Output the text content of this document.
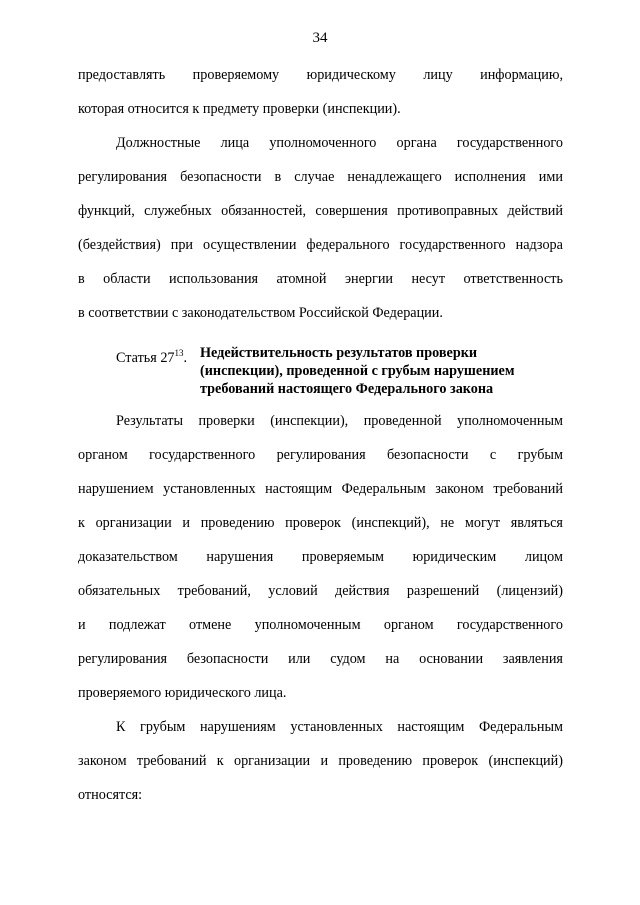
34
предоставлять проверяемому юридическому лицу информацию,
которая относится к предмету проверки (инспекции).
Должностные лица уполномоченного органа государственного
регулирования безопасности в случае ненадлежащего исполнения ими
функций, служебных обязанностей, совершения противоправных действий
(бездействия) при осуществлении федерального государственного надзора
в области использования атомной энергии несут ответственность
в соответствии с законодательством Российской Федерации.
Статья $27^{13}$. Недействительность результатов проверки
(инспекции), проведенной с грубым нарушением
требований настоящего Федерального закона
Результаты проверки (инспекции), проведенной уполномоченным
органом государственного регулирования безопасности с грубым
нарушением установленных настоящим Федеральным законом требований
к организации и проведению проверок (инспекций), не могут являться
доказательством нарушения проверяемым юридическим лицом
обязательных требований, условий действия разрешений (лицензий)
и подлежат отмене уполномоченным органом государственного
регулирования безопасности или судом на основании заявления
проверяемого юридического лица.
К грубым нарушениям установленных настоящим Федеральным
законом требований к организации и проведению проверок (инспекций)
относятся:
